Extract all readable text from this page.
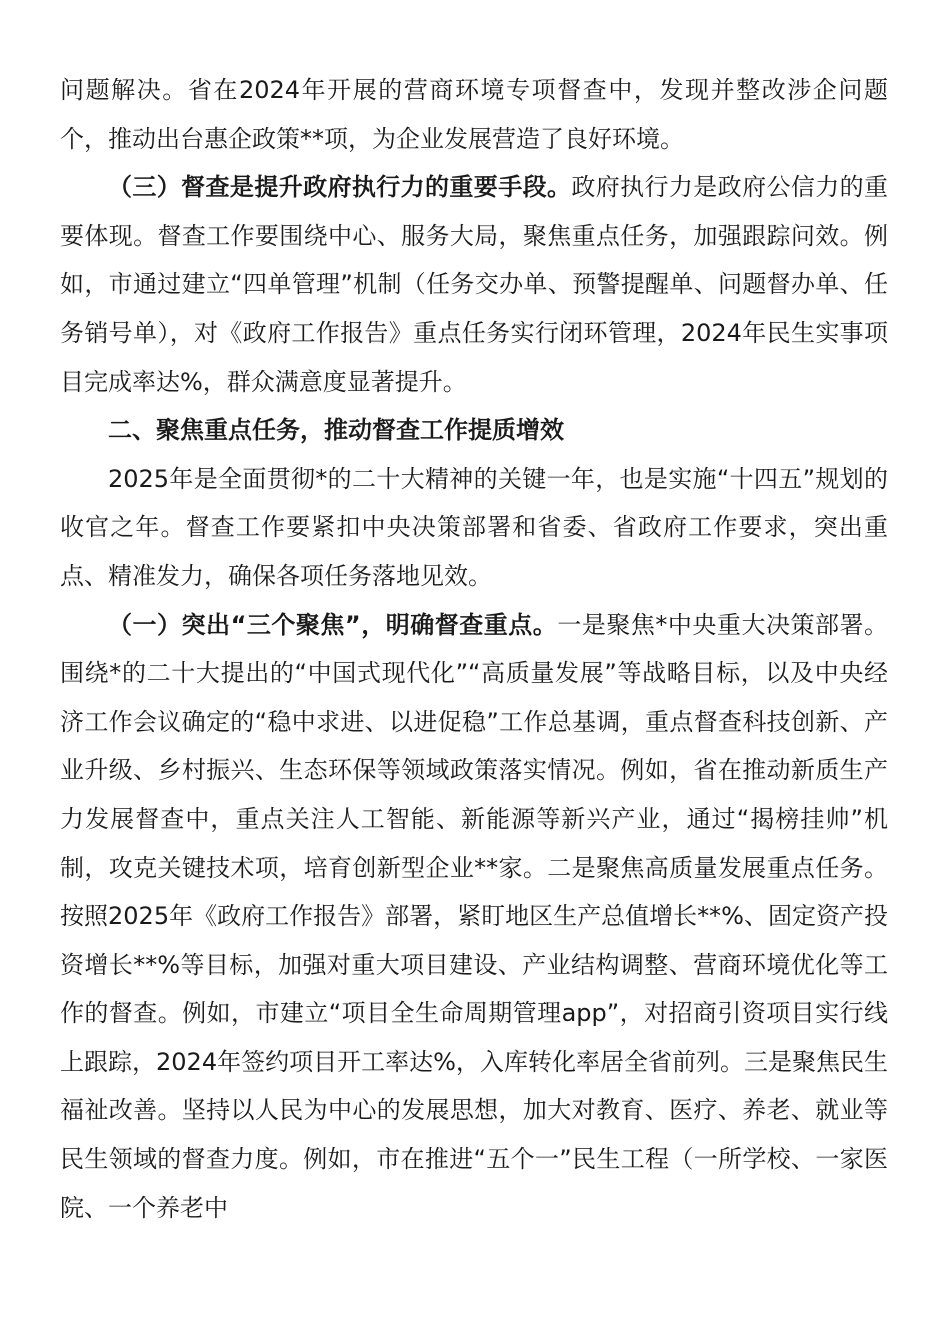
问题解决。省在2024年开展的营商环境专项督查中，发现并整改涉企问题个，推动出台惠企政策**项，为企业发展营造了良好环境。

（三）督查是提升政府执行力的重要手段。政府执行力是政府公信力的重要体现。督查工作要围绕中心、服务大局，聚焦重点任务，加强跟踪问效。例如，市通过建立“四单管理”机制（任务交办单、预警提醒单、问题督办单、任务销号单），对《政府工作报告》重点任务实行闭环管理，2024年民生实事项目完成率达%，群众满意度显著提升。

二、聚焦重点任务，推动督查工作提质增效

2025年是全面贯彻*的二十大精神的关键一年，也是实施“十四五”规划的收官之年。督查工作要紧扣中央决策部署和省委、省政府工作要求，突出重点、精准发力，确保各项任务落地见效。

（一）突出“三个聚焦”，明确督查重点。一是聚焦*中央重大决策部署。围绕*的二十大提出的“中国式现代化”“高质量发展”等战略目标，以及中央经济工作会议确定的“稳中求进、以进促稳”工作总基调，重点督查科技创新、产业升级、乡村振兴、生态环保等领域政策落实情况。例如，省在推动新质生产力发展督查中，重点关注人工智能、新能源等新兴产业，通过“揭榜挂帅”机制，攻克关键技术项，培育创新型企业**家。二是聚焦高质量发展重点任务。按照2025年《政府工作报告》部署，紧盯地区生产总值增长**%、固定资产投资增长**%等目标，加强对重大项目建设、产业结构调整、营商环境优化等工作的督查。例如，市建立“项目全生命周期管理app”，对招商引资项目实行线上跟踪，2024年签约项目开工率达%，入库转化率居全省前列。三是聚焦民生福祉改善。坚持以人民为中心的发展思想，加大对教育、医疗、养老、就业等民生领域的督查力度。例如，市在推进“五个一”民生工程（一所学校、一家医院、一个养老中
